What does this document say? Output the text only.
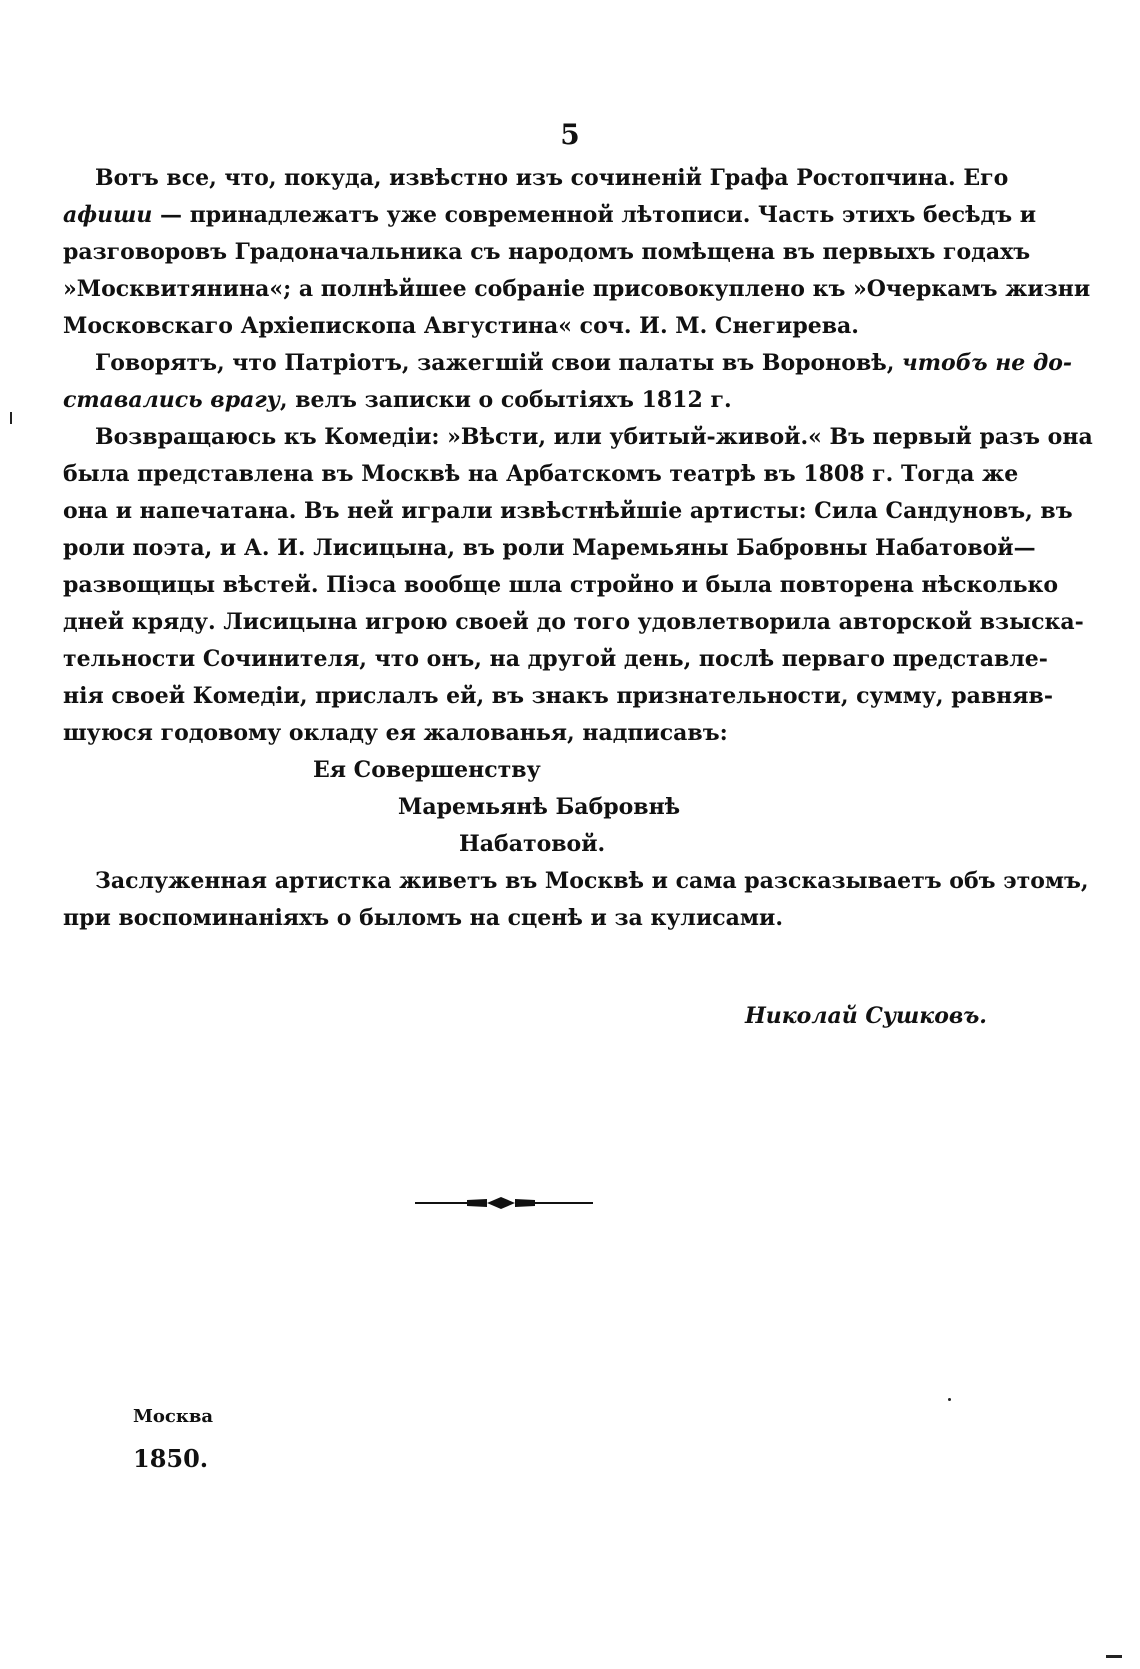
5

Вотъ все, что, покуда, извѣстно изъ сочиненій Графа Ростопчина. Его
афиши — принадлежатъ уже современной лѣтописи. Часть этихъ бесѣдъ и
разговоровъ Градоначальника съ народомъ помѣщена въ первыхъ годахъ
»Москвитянина«; а полнѣйшее собраніе присовокуплено къ »Очеркамъ жизни
Московскаго Архіепископа Августина« соч. И. М. Снегирева.

Говорятъ, что Патріотъ, зажегшій свои палаты въ Вороновѣ, чтобъ не до-
ставались врагу, велъ записки о событіяхъ 1812 г.

Возвращаюсь къ Комедіи: »Вѣсти, или убитый-живой.« Въ первый разъ она
была представлена въ Москвѣ на Арбатскомъ театрѣ въ 1808 г. Тогда же
она и напечатана. Въ ней играли извѣстнѣйшіе артисты: Сила Сандуновъ, въ
роли поэта, и А. И. Лисицына, въ роли Маремьяны Бабровны Набатовой—
развощицы вѣстей. Піэса вообще шла стройно и была повторена нѣсколько
дней кряду. Лисицына игрою своей до того удовлетворила авторской взыска-
тельности Сочинителя, что онъ, на другой день, послѣ перваго представле-
нія своей Комедіи, прислалъ ей, въ знакъ признательности, сумму, равняв-
шуюся годовому окладу ея жалованья, надписавъ:

Ея Совершенству
Маремьянѣ Бабровнѣ
Набатовой.

Заслуженная артистка живетъ въ Москвѣ и сама разсказываетъ объ этомъ,
при воспоминаніяхъ о быломъ на сценѣ и за кулисами.

Николай Сушковъ.
Москва
1850.
